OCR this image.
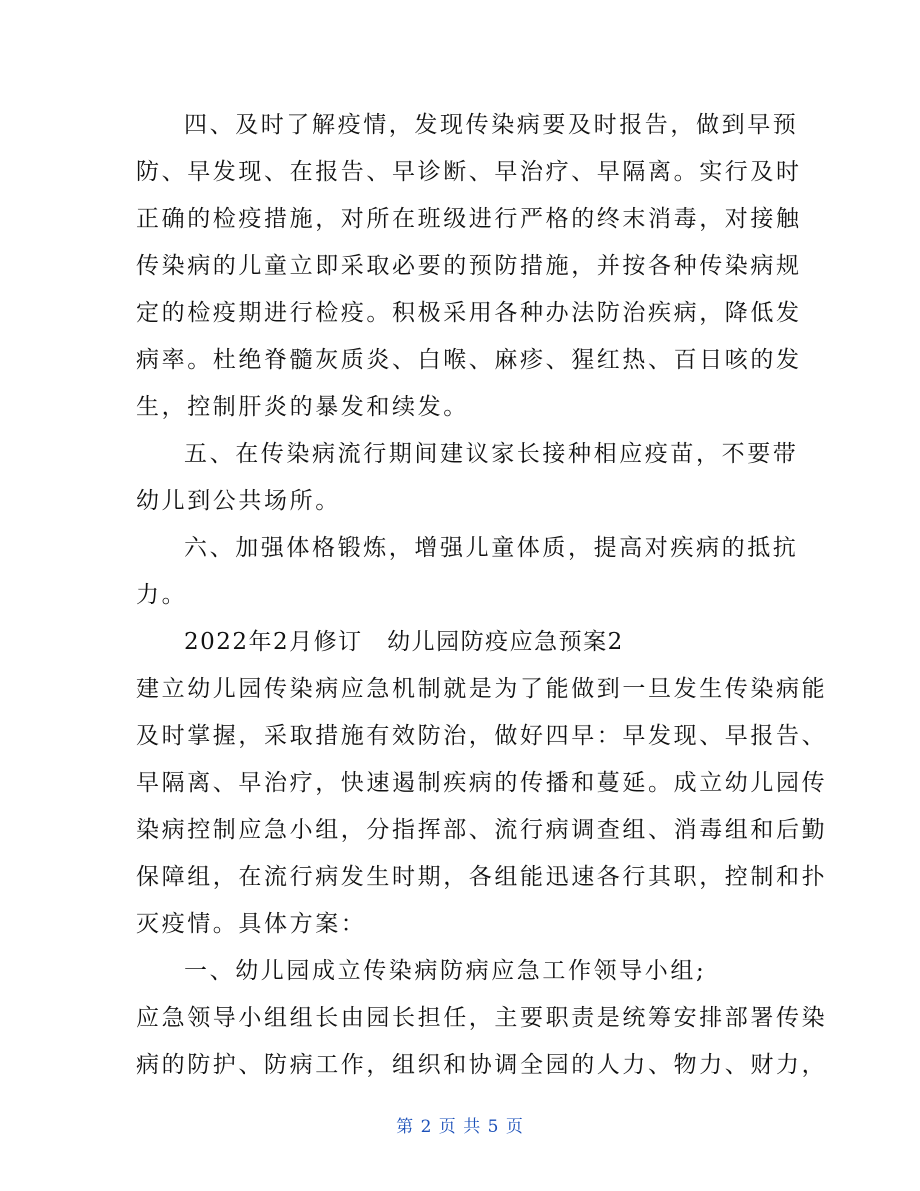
四、及时了解疫情，发现传染病要及时报告，做到早预
防、早发现、在报告、早诊断、早治疗、早隔离。实行及时
正确的检疫措施，对所在班级进行严格的终末消毒，对接触
传染病的儿童立即采取必要的预防措施，并按各种传染病规
定的检疫期进行检疫。积极采用各种办法防治疾病，降低发
病率。杜绝脊髓灰质炎、白喉、麻疹、猩红热、百日咳的发
生，控制肝炎的暴发和续发。
五、在传染病流行期间建议家长接种相应疫苗，不要带
幼儿到公共场所。
六、加强体格锻炼，增强儿童体质，提高对疾病的抵抗
力。
2022年2月修订　幼儿园防疫应急预案2
建立幼儿园传染病应急机制就是为了能做到一旦发生传染病能
及时掌握，采取措施有效防治，做好四早：早发现、早报告、
早隔离、早治疗，快速遏制疾病的传播和蔓延。成立幼儿园传
染病控制应急小组，分指挥部、流行病调查组、消毒组和后勤
保障组，在流行病发生时期，各组能迅速各行其职，控制和扑
灭疫情。具体方案：
一、幼儿园成立传染病防病应急工作领导小组;
应急领导小组组长由园长担任，主要职责是统筹安排部署传染
病的防护、防病工作，组织和协调全园的人力、物力、财力，
第 2 页 共 5 页
